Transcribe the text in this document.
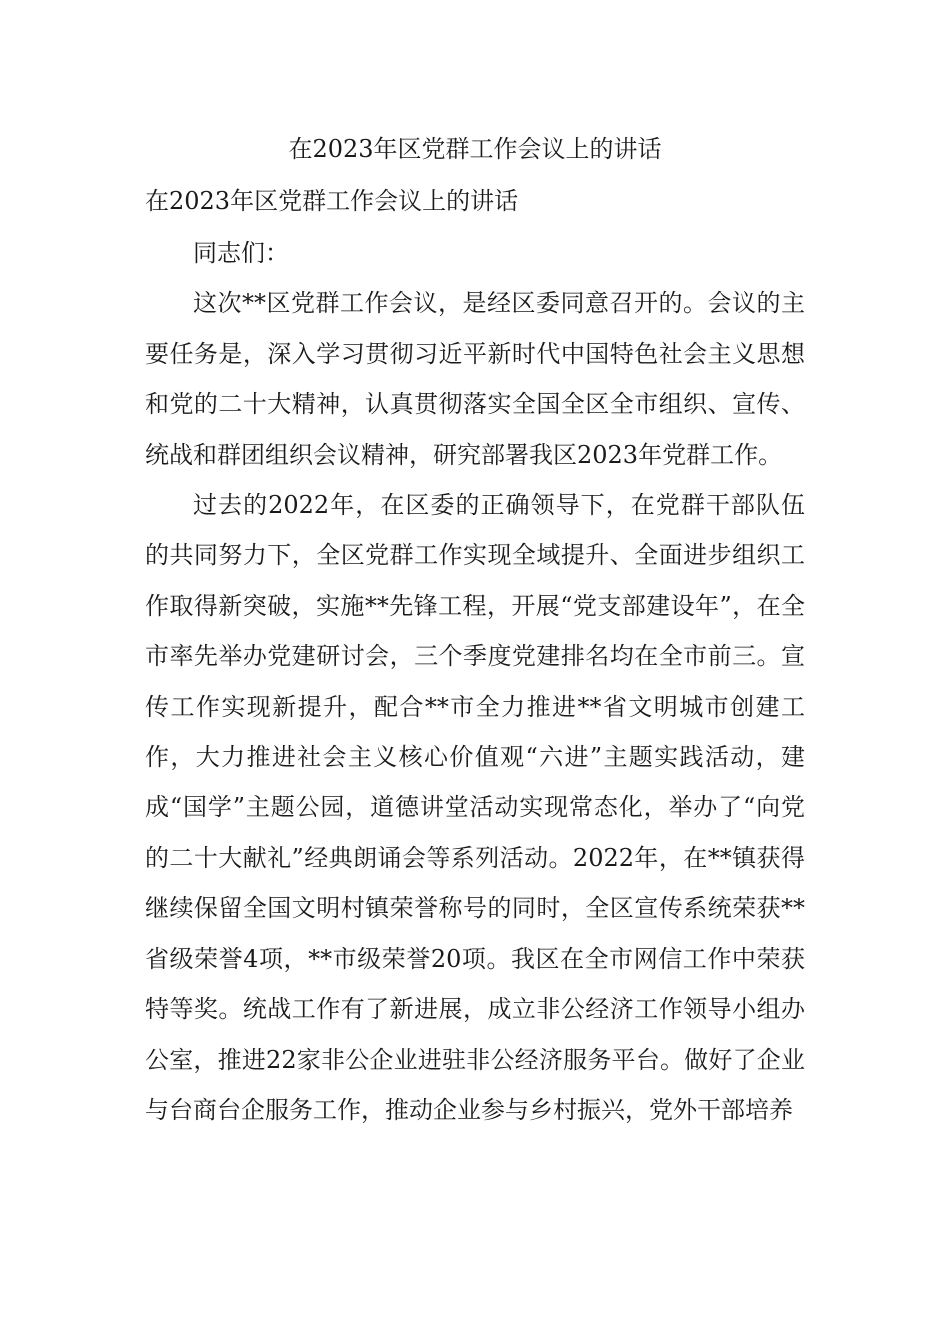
在2023年区党群工作会议上的讲话
在2023年区党群工作会议上的讲话

同志们：

这次**区党群工作会议，是经区委同意召开的。会议的主要任务是，深入学习贯彻习近平新时代中国特色社会主义思想和党的二十大精神，认真贯彻落实全国全区全市组织、宣传、统战和群团组织会议精神，研究部署我区2023年党群工作。

过去的2022年，在区委的正确领导下，在党群干部队伍的共同努力下，全区党群工作实现全域提升、全面进步组织工作取得新突破，实施**先锋工程，开展“党支部建设年”，在全市率先举办党建研讨会，三个季度党建排名均在全市前三。宣传工作实现新提升，配合**市全力推进**省文明城市创建工作，大力推进社会主义核心价值观“六进”主题实践活动，建成“国学”主题公园，道德讲堂活动实现常态化，举办了“向党的二十大献礼”经典朗诵会等系列活动。2022年，在**镇获得继续保留全国文明村镇荣誉称号的同时，全区宣传系统荣获**省级荣誉4项，**市级荣誉20项。我区在全市网信工作中荣获特等奖。统战工作有了新进展，成立非公经济工作领导小组办公室，推进22家非公企业进驻非公经济服务平台。做好了企业与台商台企服务工作，推动企业参与乡村振兴，党外干部培养
